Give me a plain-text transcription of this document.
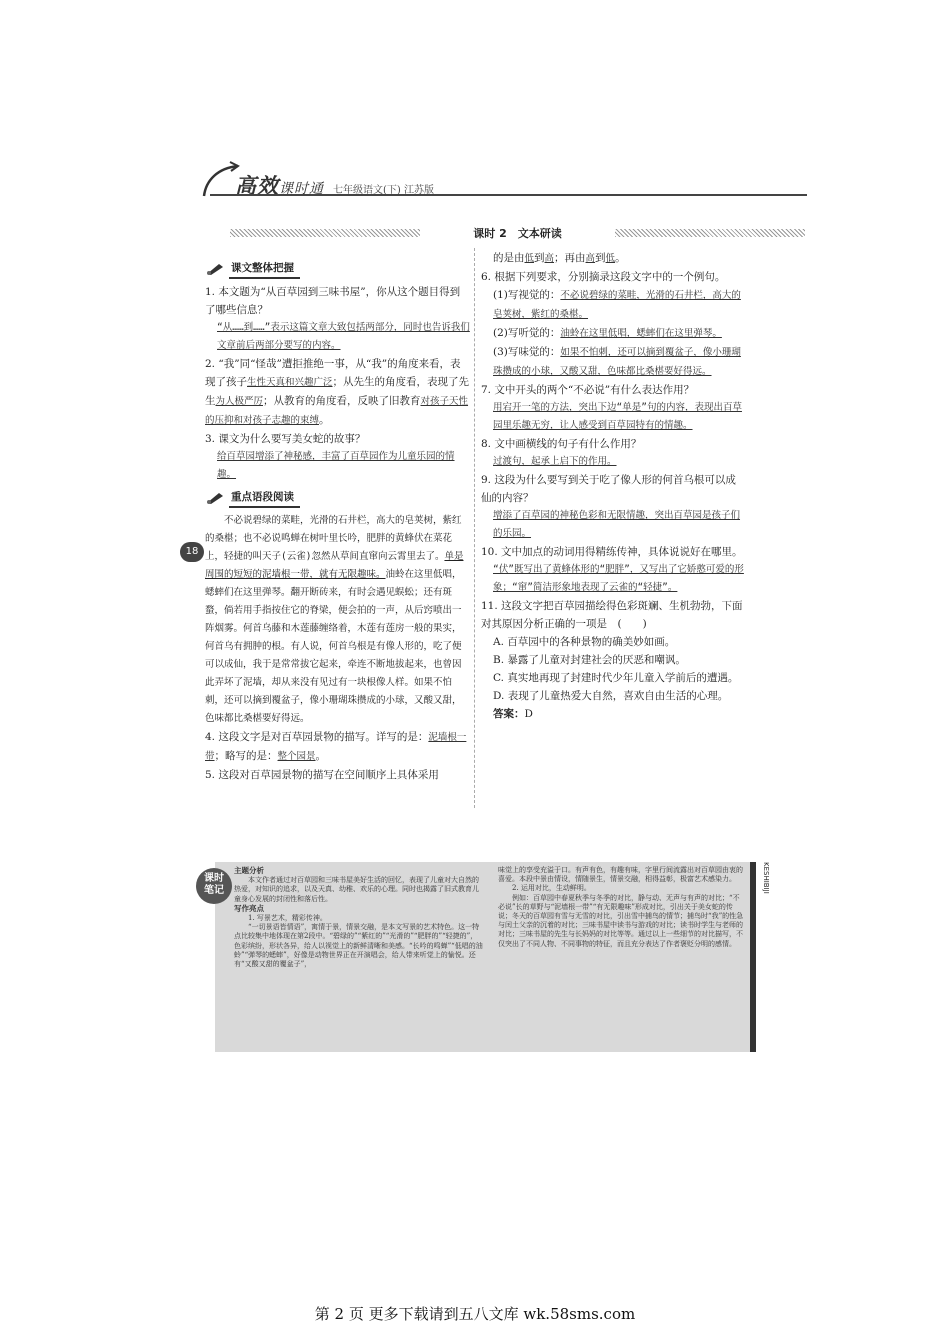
高效课时通 七年级语文(下) 江苏版
课时 2　文本研读
18
课文整体把握

1. 本文题为“从百草园到三味书屋”，你从这个题目得到了哪些信息？

“从……到……”表示这篇文章大致包括两部分，同时也告诉我们文章前后两部分要写的内容。

2. “我”同“怪哉”遭拒推绝一事，从“我”的角度来看，表现了孩子生性天真和兴趣广泛；从先生的角度看，表现了先生为人极严厉；从教育的角度看，反映了旧教育对孩子天性的压抑和对孩子志趣的束缚。

3. 课文为什么要写美女蛇的故事？

给百草园增添了神秘感，丰富了百草园作为儿童乐园的情趣。

重点语段阅读

不必说碧绿的菜畦，光滑的石井栏，高大的皂荚树，紫红的桑椹；也不必说鸣蝉在树叶里长吟，肥胖的黄蜂伏在菜花上，轻捷的叫天子(云雀)忽然从草间直窜向云霄里去了。单是周围的短短的泥墙根一带，就有无限趣味。油蛉在这里低唱，蟋蟀们在这里弹琴。翻开断砖来，有时会遇见蜈蚣；还有斑蝥，倘若用手指按住它的脊梁，便会拍的一声，从后窍喷出一阵烟雾。何首乌藤和木莲藤缠络着，木莲有莲房一般的果实，何首乌有拥肿的根。有人说，何首乌根是有像人形的，吃了便可以成仙，我于是常常拔它起来，牵连不断地拔起来，也曾因此弄坏了泥墙，却从来没有见过有一块根像人样。如果不怕刺，还可以摘到覆盆子，像小珊瑚珠攒成的小球，又酸又甜，色味都比桑椹要好得远。

4. 这段文字是对百草园景物的描写。详写的是：泥墙根一带；略写的是：整个园景。

5. 这段对百草园景物的描写在空间顺序上具体采用

的是由低到高；再由高到低。

6. 根据下列要求，分别摘录这段文字中的一个例句。

(1)写视觉的：不必说碧绿的菜畦，光滑的石井栏，高大的皂荚树，紫红的桑椹。

(2)写听觉的：油蛉在这里低唱，蟋蟀们在这里弹琴。

(3)写味觉的：如果不怕刺，还可以摘到覆盆子，像小珊瑚珠攒成的小球，又酸又甜，色味都比桑椹要好得远。

7. 文中开头的两个“不必说”有什么表达作用？

用宕开一笔的方法，突出下边“单是”句的内容，表现出百草园里乐趣无穷，让人感受到百草园特有的情趣。

8. 文中画横线的句子有什么作用？

过渡句，起承上启下的作用。

9. 这段为什么要写到关于吃了像人形的何首乌根可以成仙的内容？

增添了百草园的神秘色彩和无限情趣，突出百草园是孩子们的乐园。

10. 文中加点的动词用得精练传神，具体说说好在哪里。

“伏”既写出了黄蜂体形的“肥胖”，又写出了它娇憨可爱的形象；“窜”简洁形象地表现了云雀的“轻捷”。

11. 这段文字把百草园描绘得色彩斑斓、生机勃勃，下面对其原因分析正确的一项是　 (　　)

A. 百草园中的各种景物的确美妙如画。

B. 暴露了儿童对封建社会的厌恶和嘲讽。

C. 真实地再现了封建时代少年儿童入学前后的遭遇。

D. 表现了儿童热爱大自然，喜欢自由生活的心理。

答案：D

KESHIBIJI
课时
笔记

主题分析

本文作者通过对百草园和三味书屋美好生活的回忆，表现了儿童对大自然的热爱，对知识的追求，以及天真、幼稚、欢乐的心理。同时也揭露了旧式教育儿童身心发展的封闭性和落后性。

写作亮点

1. 写景艺术，精彩传神。

“一切景语皆情语”，寓情于景，情景交融，是本文写景的艺术特色。这一特点比较集中地体现在第2段中。“碧绿的”“紫红的”“光滑的”“肥胖的”“轻捷的”，色彩缤纷，形状各异，给人以视觉上的新鲜清晰和美感。“长吟的鸣蝉”“低唱的油蛉”“弹琴的蟋蟀”，好像是动物世界正在开演唱会，给人带来听觉上的愉悦。还有“又酸又甜的覆盆子”，

味觉上的享受充溢于口。有声有色，有趣有味，字里行间流露出对百草园由衷的喜爱。本段中景由情设，情随景生，情景交融，相得益彰，极富艺术感染力。

2. 运用对比，生动鲜明。

例如：百草园中春夏秋季与冬季的对比，静与动、无声与有声的对比；“不必说”长的草野与“泥墙根一带”“有无限趣味”形成对比，引出关于美女蛇的传说；冬天的百草园有雪与无雪的对比，引出雪中捕鸟的情节；捕鸟时“我”的性急与闰土父亲的沉着的对比；三味书屋中读书与游戏的对比；读书时学生与老师的对比；三味书屋的先生与长妈妈的对比等等。通过以上一些细节的对比描写，不仅突出了不同人物、不同事物的特征，而且充分表达了作者褒贬分明的感情。

第 2 页 更多下载请到五八文库 wk.58sms.com
